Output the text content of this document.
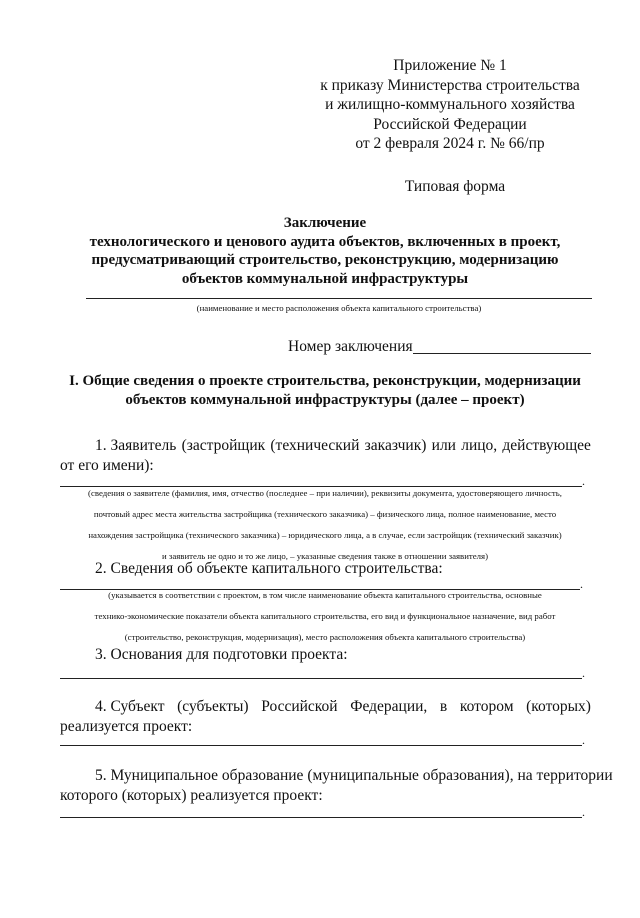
Приложение № 1
к приказу Министерства строительства
и жилищно-коммунального хозяйства
Российской Федерации
от 2 февраля 2024 г. № 66/пр
Типовая форма
Заключение
технологического и ценового аудита объектов, включенных в проект,
предусматривающий строительство, реконструкцию, модернизацию
объектов коммунальной инфраструктуры
(наименование и место расположения объекта капитального строительства)
Номер заключения
I. Общие сведения о проекте строительства, реконструкции, модернизации
объектов коммунальной инфраструктуры (далее – проект)
1. Заявитель (застройщик (технический заказчик) или лицо, действующее
от его имени):
.
(сведения о заявителе (фамилия, имя, отчество (последнее – при наличии), реквизиты документа, удостоверяющего личность,
почтовый адрес места жительства застройщика (технического заказчика) – физического лица, полное наименование, место
нахождения застройщика (технического заказчика) – юридического лица, а в случае, если застройщик (технический заказчик)
и заявитель не одно и то же лицо, – указанные сведения также в отношении заявителя)
2. Сведения об объекте капитального строительства:
.
(указывается в соответствии с проектом, в том числе наименование объекта капитального строительства, основные
технико-экономические показатели объекта капитального строительства, его вид и функциональное назначение, вид работ
(строительство, реконструкция, модернизация), место расположения объекта капитального строительства)
3. Основания для подготовки проекта:
.
4. Субъект (субъекты) Российской Федерации, в котором (которых)
реализуется проект:
.
5. Муниципальное образование (муниципальные образования), на территории
которого (которых) реализуется проект:
.
